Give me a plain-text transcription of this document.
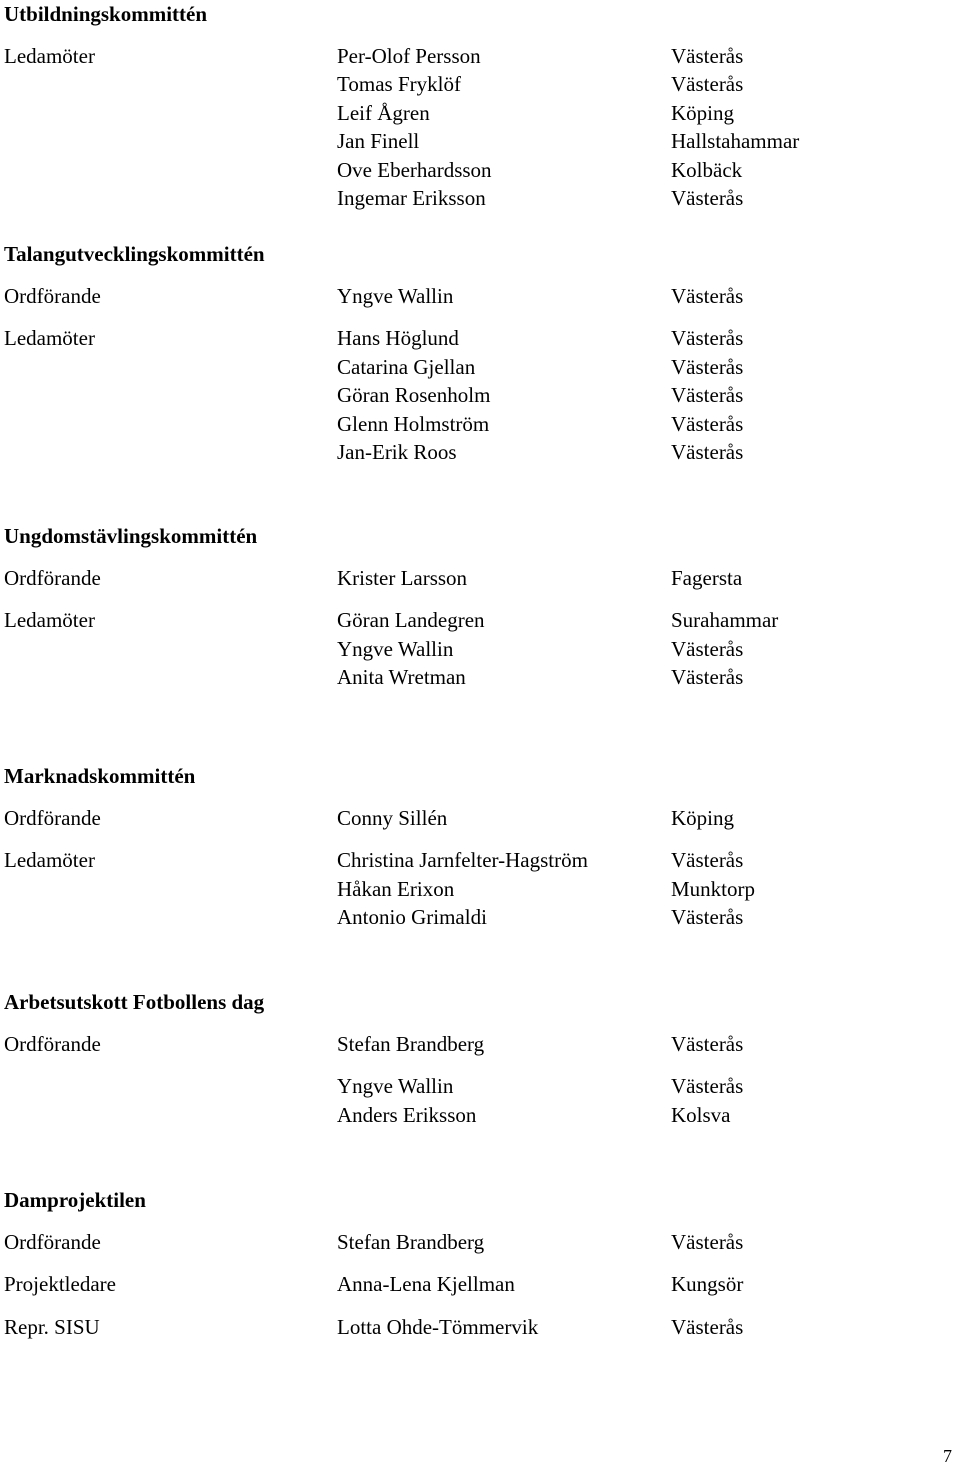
Utbildningskommittén
Ledamöter	Per-Olof Persson	Västerås
Tomas Fryklöf	Västerås
Leif Ågren	Köping
Jan Finell	Hallstahammar
Ove Eberhardsson	Kolbäck
Ingemar Eriksson	Västerås
Talangutvecklingskommittén
Ordförande	Yngve Wallin	Västerås
Ledamöter	Hans Höglund	Västerås
Catarina Gjellan	Västerås
Göran Rosenholm	Västerås
Glenn Holmström	Västerås
Jan-Erik Roos	Västerås
Ungdomstävlingskommittén
Ordförande	Krister Larsson	Fagersta
Ledamöter	Göran Landegren	Surahammar
Yngve Wallin	Västerås
Anita Wretman	Västerås
Marknadskommittén
Ordförande	Conny Sillén	Köping
Ledamöter	Christina Jarnfelter-Hagström	Västerås
Håkan Erixon	Munktorp
Antonio Grimaldi	Västerås
Arbetsutskott Fotbollens dag
Ordförande	Stefan Brandberg	Västerås
Yngve Wallin	Västerås
Anders Eriksson	Kolsva
Damprojektilen
Ordförande	Stefan Brandberg	Västerås
Projektledare	Anna-Lena Kjellman	Kungsör
Repr. SISU	Lotta Ohde-Tömmervik	Västerås
7
